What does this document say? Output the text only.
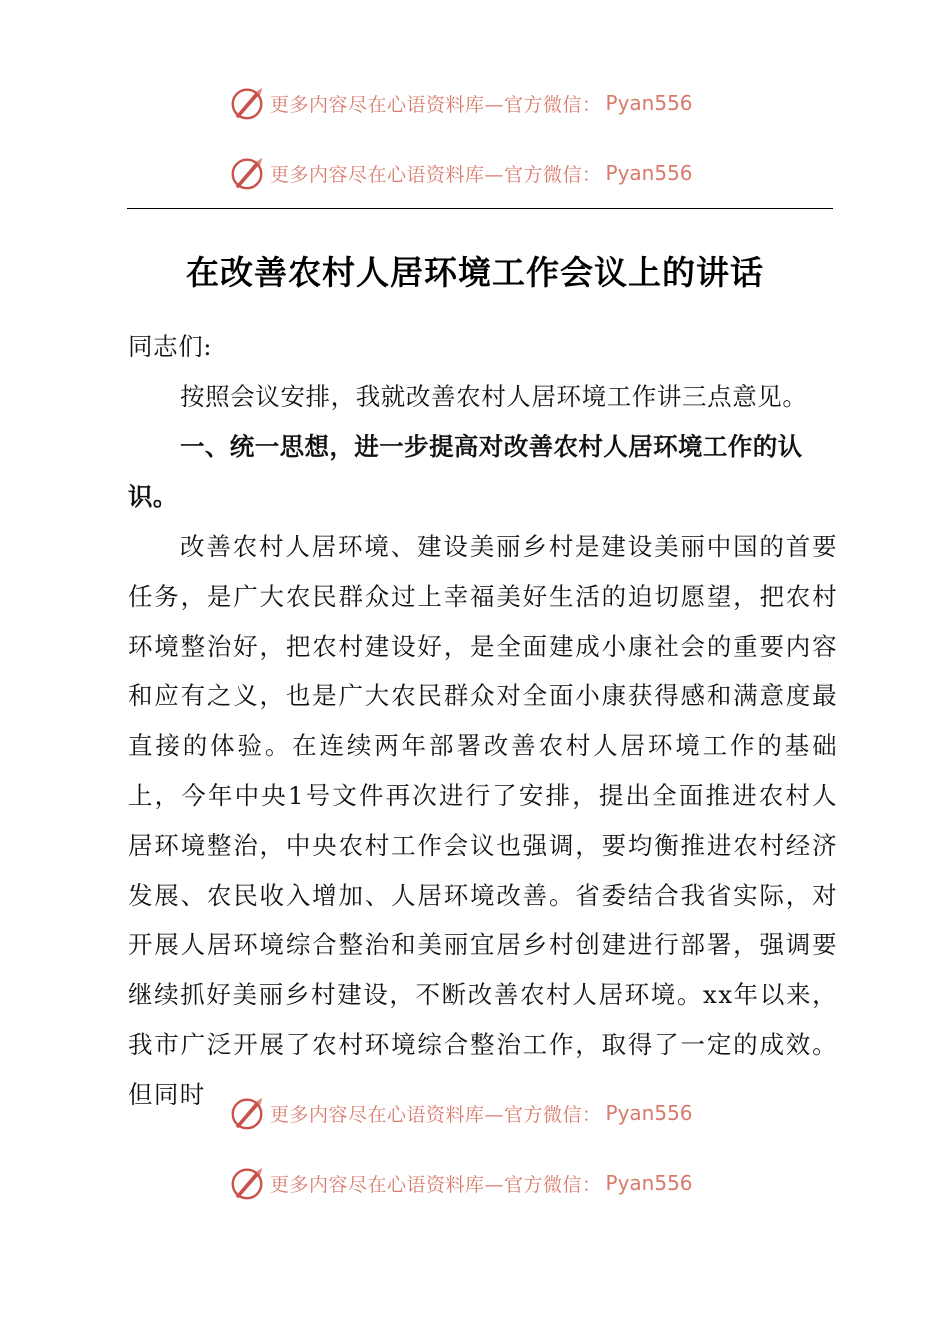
更多内容尽在心语资料库—官方微信： Pyan556
更多内容尽在心语资料库—官方微信： Pyan556
在改善农村人居环境工作会议上的讲话
同志们:
按照会议安排，我就改善农村人居环境工作讲三点意见。
一、统一思想，进一步提高对改善农村人居环境工作的认识。
改善农村人居环境、建设美丽乡村是建设美丽中国的首要任务，是广大农民群众过上幸福美好生活的迫切愿望，把农村环境整治好，把农村建设好，是全面建成小康社会的重要内容和应有之义，也是广大农民群众对全面小康获得感和满意度最直接的体验。在连续两年部署改善农村人居环境工作的基础上，今年中央1号文件再次进行了安排，提出全面推进农村人居环境整治，中央农村工作会议也强调，要均衡推进农村经济发展、农民收入增加、人居环境改善。省委结合我省实际，对开展人居环境综合整治和美丽宜居乡村创建进行部署，强调要继续抓好美丽乡村建设，不断改善农村人居环境。xx年以来，我市广泛开展了农村环境综合整治工作，取得了一定的成效。但同时
更多内容尽在心语资料库—官方微信： Pyan556
更多内容尽在心语资料库—官方微信： Pyan556
